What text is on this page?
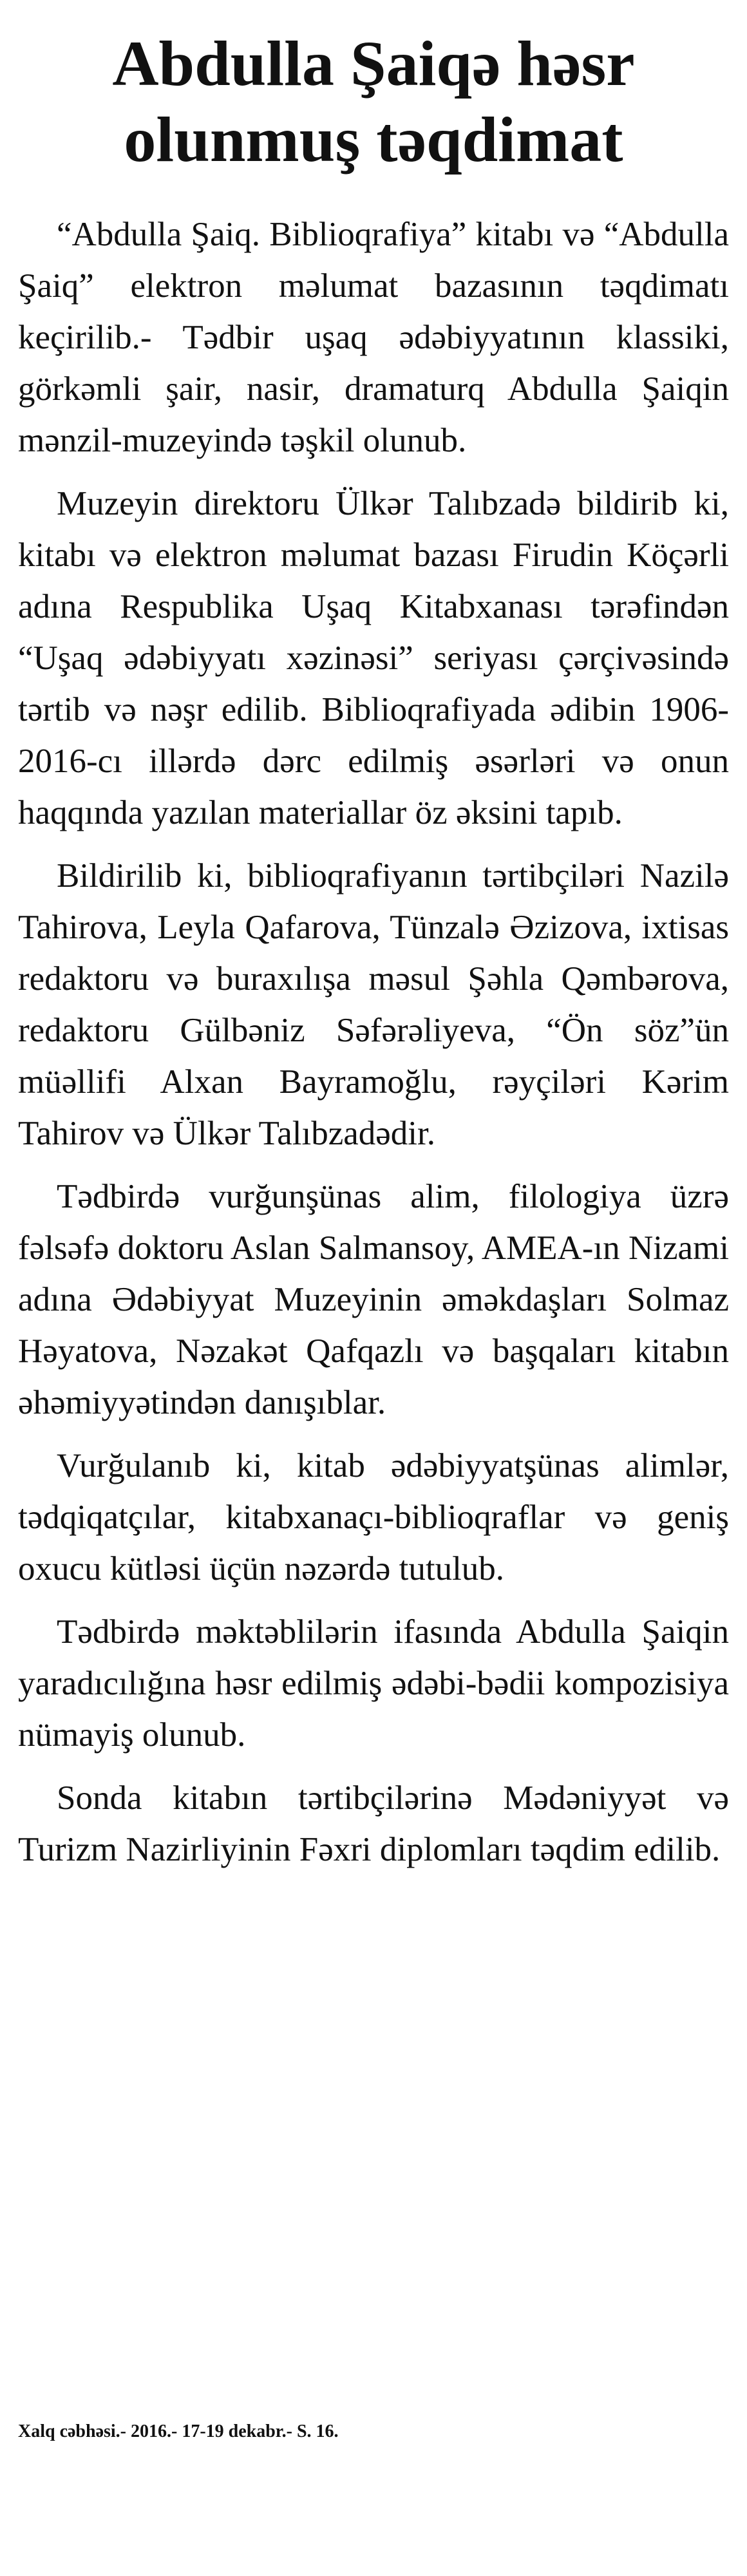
Abdulla Şaiqə həsr
olunmuş təqdimat

“Abdulla Şaiq. Biblioqrafiya” kitabı və “Abdulla Şaiq” elektron məlumat bazasının təqdimatı keçirilib.- Tədbir uşaq ədəbiyyatının klassiki, görkəmli şair, nasir, dramaturq Abdulla Şaiqin mənzil-muzeyində təşkil olunub.

Muzeyin direktoru Ülkər Talıbzadə bildirib ki, kitabı və elektron məlumat bazası Firudin Köçərli adına Respublika Uşaq Kitabxanası tərəfindən “Uşaq ədəbiyyatı xəzinəsi” seriyası çərçivəsində tərtib və nəşr edilib. Biblioqrafiyada ədibin 1906-2016-cı illərdə dərc edilmiş əsərləri və onun haqqında yazılan materiallar öz əksini tapıb.

Bildirilib ki, biblioqrafiyanın tərtibçiləri Nazilə Tahirova, Leyla Qafarova, Tünzalə Əzizova, ixtisas redaktoru və buraxılışa məsul Şəhla Qəmbərova, redaktoru Gülbəniz Səfərəliyeva, “Ön söz”ün müəllifi Alxan Bayramoğlu, rəyçiləri Kərim Tahirov və Ülkər Talıbzadədir.

Tədbirdə vurğunşünas alim, filologiya üzrə fəlsəfə doktoru Aslan Salmansoy, AMEA-ın Nizami adına Ədəbiyyat Muzeyinin əməkdaşları Solmaz Həyatova, Nəzakət Qafqazlı və başqaları kitabın əhəmiyyətindən danışıblar.

Vurğulanıb ki, kitab ədəbiyyatşünas alimlər, tədqiqatçılar, kitabxanaçı-biblioqraflar və geniş oxucu kütləsi üçün nəzərdə tutulub.

Tədbirdə məktəblilərin ifasında Abdulla Şaiqin yaradıcılığına həsr edilmiş ədəbi-bədii kompozisiya nümayiş olunub.

Sonda kitabın tərtibçilərinə Mədəniyyət və Turizm Nazirliyinin Fəxri diplomları təqdim edilib.

Xalq cəbhəsi.- 2016.- 17-19 dekabr.- S. 16.
